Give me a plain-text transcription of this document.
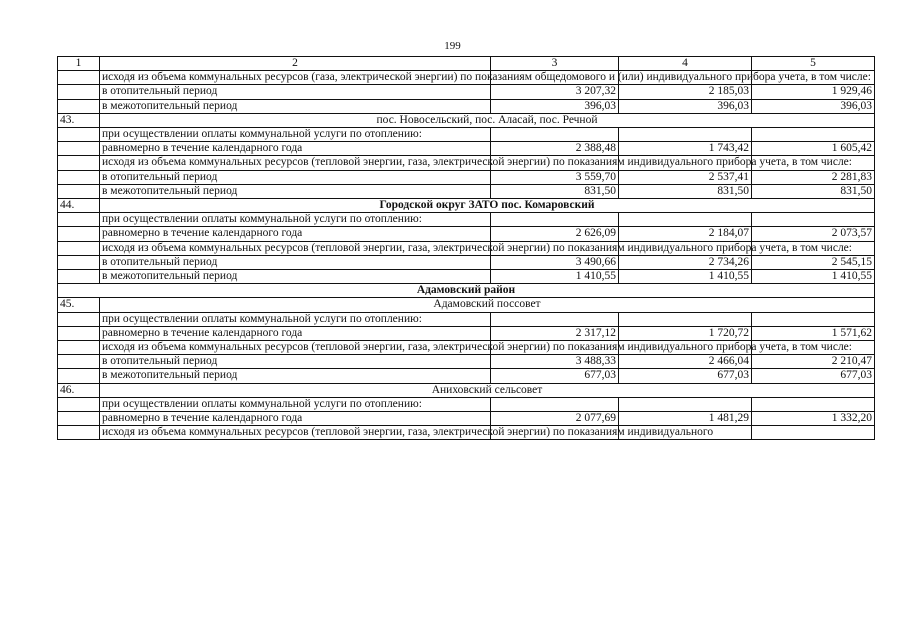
199
1	2	3	4	5
	исходя из объема коммунальных ресурсов (газа, электрической энергии) по показаниям общедомового и (или) индивидуального прибора учета, в том числе:			
	в отопительный период	3 207,32	2 185,03	1 929,46
	в межотопительный период	396,03	396,03	396,03
43.	пос. Новосельский, пос. Аласай, пос. Речной			
	при осуществлении оплаты коммунальной услуги по отоплению:			
	равномерно в течение календарного года	2 388,48	1 743,42	1 605,42
	исходя из объема коммунальных ресурсов (тепловой энергии, газа, электрической энергии) по показаниям индивидуального прибора учета, в том числе:			
	в отопительный период	3 559,70	2 537,41	2 281,83
	в межотопительный период	831,50	831,50	831,50
44.	Городской округ ЗАТО пос. Комаровский			
	при осуществлении оплаты коммунальной услуги по отоплению:			
	равномерно в течение календарного года	2 626,09	2 184,07	2 073,57
	исходя из объема коммунальных ресурсов (тепловой энергии, газа, электрической энергии) по показаниям индивидуального прибора учета, в том числе:			
	в отопительный период	3 490,66	2 734,26	2 545,15
	в межотопительный период	1 410,55	1 410,55	1 410,55
Адамовский район				
45.	Адамовский поссовет			
	при осуществлении оплаты коммунальной услуги по отоплению:			
	равномерно в течение календарного года	2 317,12	1 720,72	1 571,62
	исходя из объема коммунальных ресурсов (тепловой энергии, газа, электрической энергии) по показаниям индивидуального прибора учета, в том числе:			
	в отопительный период	3 488,33	2 466,04	2 210,47
	в межотопительный период	677,03	677,03	677,03
46.	Аниховский сельсовет			
	при осуществлении оплаты коммунальной услуги по отоплению:			
	равномерно в течение календарного года	2 077,69	1 481,29	1 332,20
	исходя из объема коммунальных ресурсов (тепловой энергии, газа, электрической энергии) по показаниям индивидуального			
